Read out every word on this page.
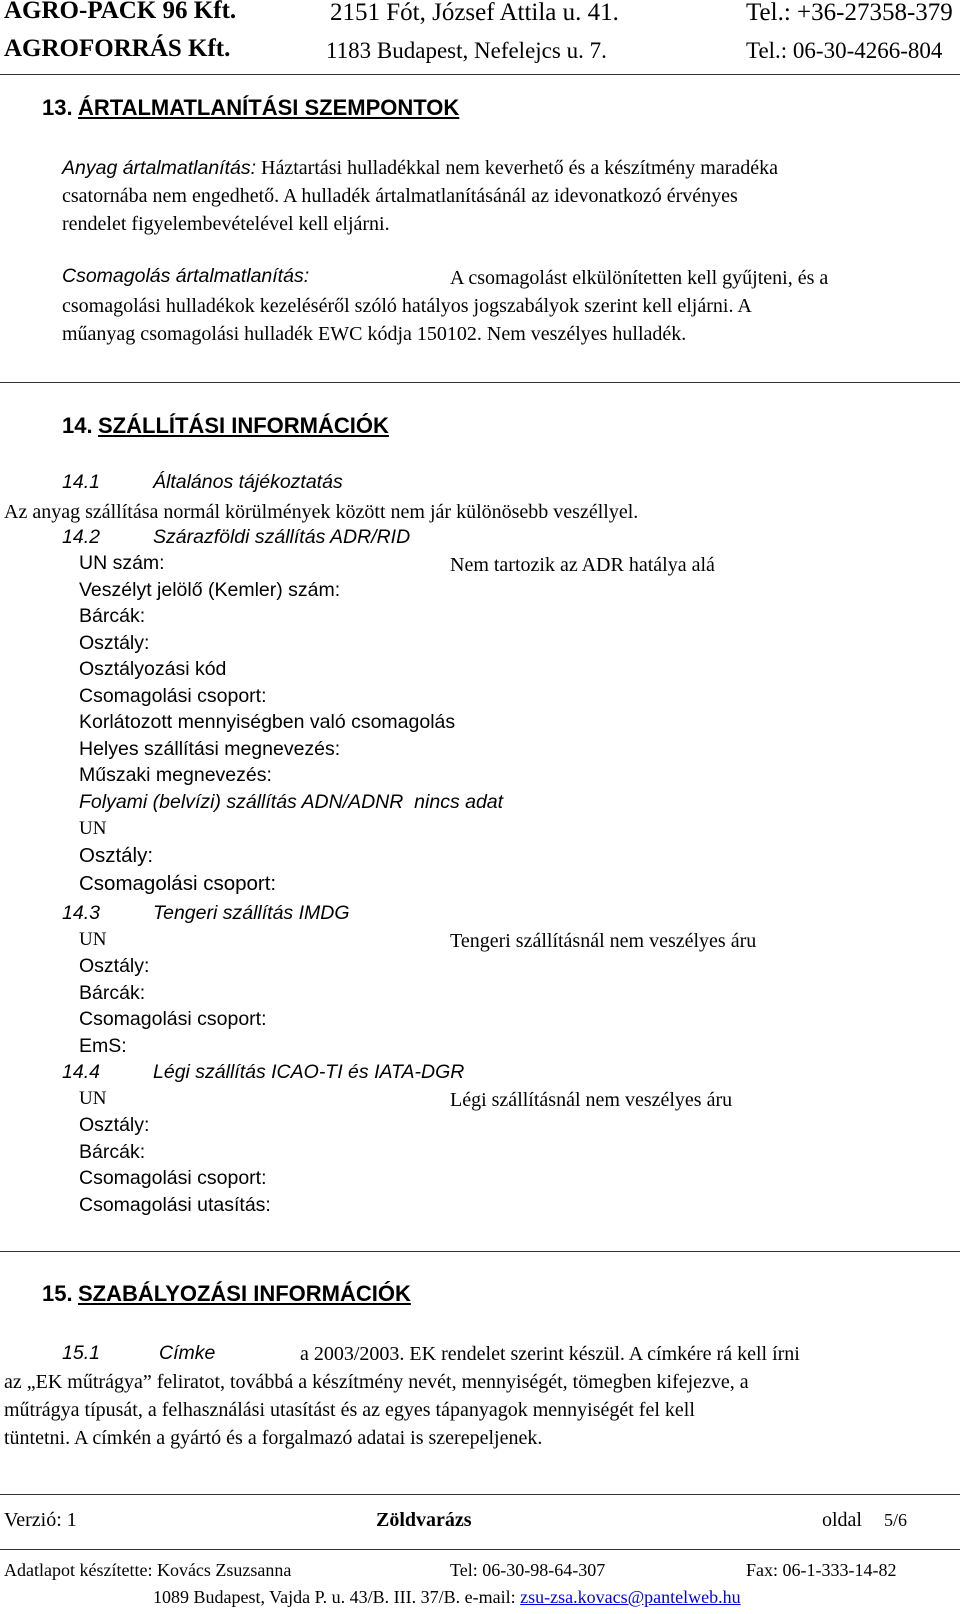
AGRO-PACK 96 Kft.	2151 Fót, József Attila u. 41.	Tel.: +36-27358-379
AGROFORRÁS Kft.	1183 Budapest, Nefelejcs u. 7.	Tel.: 06-30-4266-804
13. ÁRTALMATLANÍTÁSI SZEMPONTOK
Anyag ártalmatlanítás: Háztartási hulladékkal nem keverhető és a készítmény maradéka
csatornába nem engedhető. A hulladék ártalmatlanításánál az idevonatkozó érvényes
rendelet figyelembevételével kell eljárni.
Csomagolás ártalmatlanítás:	A csomagolást elkülönítetten kell gyűjteni, és a
csomagolási hulladékok kezeléséről szóló hatályos jogszabályok szerint kell eljárni. A
műanyag csomagolási hulladék EWC kódja 150102. Nem veszélyes hulladék.
14. SZÁLLÍTÁSI INFORMÁCIÓK
14.1	Általános tájékoztatás
Az anyag szállítása normál körülmények között nem jár különösebb veszéllyel.
14.2	Szárazföldi szállítás ADR/RID
UN szám:	Nem tartozik az ADR hatálya alá
Veszélyt jelölő (Kemler) szám:
Bárcák:
Osztály:
Osztályozási kód
Csomagolási csoport:
Korlátozott mennyiségben való csomagolás
Helyes szállítási megnevezés:
Műszaki megnevezés:
Folyami (belvízi) szállítás ADN/ADNR  nincs adat
UN
Osztály:
Csomagolási csoport:
14.3	Tengeri szállítás IMDG
UN	Tengeri szállításnál nem veszélyes áru
Osztály:
Bárcák:
Csomagolási csoport:
EmS:
14.4	Légi szállítás ICAO-TI és IATA-DGR
UN	Légi szállításnál nem veszélyes áru
Osztály:
Bárcák:
Csomagolási csoport:
Csomagolási utasítás:
15. SZABÁLYOZÁSI INFORMÁCIÓK
15.1	Címke	a 2003/2003. EK rendelet szerint készül. A címkére rá kell írni
az „EK műtrágya” feliratot, továbbá a készítmény nevét, mennyiségét, tömegben kifejezve, a
műtrágya típusát, a felhasználási utasítást és az egyes tápanyagok mennyiségét fel kell
tüntetni. A címkén a gyártó és a forgalmazó adatai is szerepeljenek.
Verzió: 1	Zöldvarázs	oldal 5/6
Adatlapot készítette: Kovács Zsuzsanna	Tel: 06-30-98-64-307	Fax: 06-1-333-14-82
1089 Budapest, Vajda P. u. 43/B. III. 37/B. e-mail: zsu-zsa.kovacs@pantelweb.hu
